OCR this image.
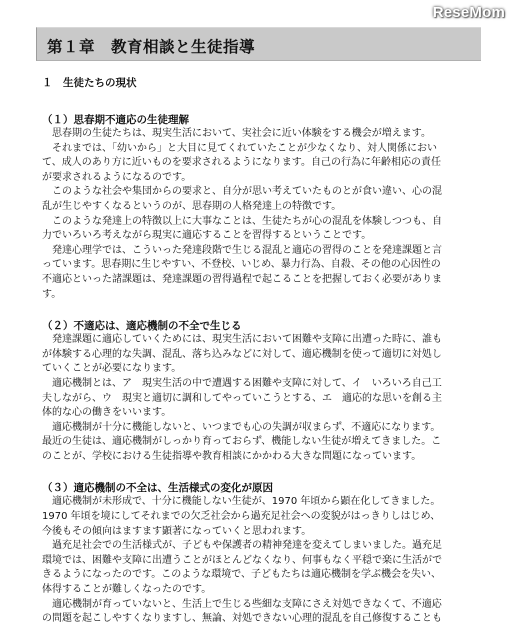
ReseMom
第１章　教育相談と生徒指導
１　生徒たちの現状
（１）思春期不適応の生徒理解
　思春期の生徒たちは、現実生活において、実社会に近い体験をする機会が増えます。
　それまでは、「幼いから」と大目に見てくれていたことが少なくなり、対人関係におい
て、成人のあり方に近いものを要求されるようになります。自己の行為に年齢相応の責任
が要求されるようになるのです。
　このような社会や集団からの要求と、自分が思い考えていたものとが食い違い、心の混
乱が生じやすくなるというのが、思春期の人格発達上の特徴です。
　このような発達上の特徴以上に大事なことは、生徒たちが心の混乱を体験しつつも、自
力でいろいろ考えながら現実に適応することを習得するということです。
　発達心理学では、こういった発達段階で生じる混乱と適応の習得のことを発達課題と言
っています。思春期に生じやすい、不登校、いじめ、暴力行為、自殺、その他の心因性の
不適応といった諸課題は、発達課題の習得過程で起こることを把握しておく必要がありま
す。
（２）不適応は、適応機制の不全で生じる
　発達課題に適応していくためには、現実生活において困難や支障に出遭った時に、誰も
が体験する心理的な失調、混乱、落ち込みなどに対して、適応機制を使って適切に対処し
ていくことが必要になります。
　適応機制とは、ア　現実生活の中で遭遇する困難や支障に対して、イ　いろいろ自己工
夫しながら、ウ　現実と適切に調和してやっていこうとする、エ　適応的な思いを創る主
体的な心の働きをいいます。
　適応機制が十分に機能しないと、いつまでも心の失調が収まらず、不適応になります。
最近の生徒は、適応機制がしっかり育っておらず、機能しない生徒が増えてきました。こ
のことが、学校における生徒指導や教育相談にかかわる大きな問題になっています。
（３）適応機制の不全は、生活様式の変化が原因
　適応機制が未形成で、十分に機能しない生徒が、1970 年頃から顕在化してきました。
1970 年頃を境にしてそれまでの欠乏社会から過充足社会への変貌がはっきりしはじめ、
今後もその傾向はますます顕著になっていくと思われます。
　過充足社会での生活様式が、子どもや保護者の精神発達を変えてしまいました。過充足
環境では、困難や支障に出遭うことがほとんどなくなり、何事もなく平穏で楽に生活がで
きるようになったのです。このような環境で、子どもたちは適応機制を学ぶ機会を失い、
体得することが難しくなったのです。
　適応機制が育っていないと、生活上で生じる些細な支障にさえ対処できなくて、不適応
の問題を起こしやすくなりますし、無論、対処できない心理的混乱を自己修復することも
